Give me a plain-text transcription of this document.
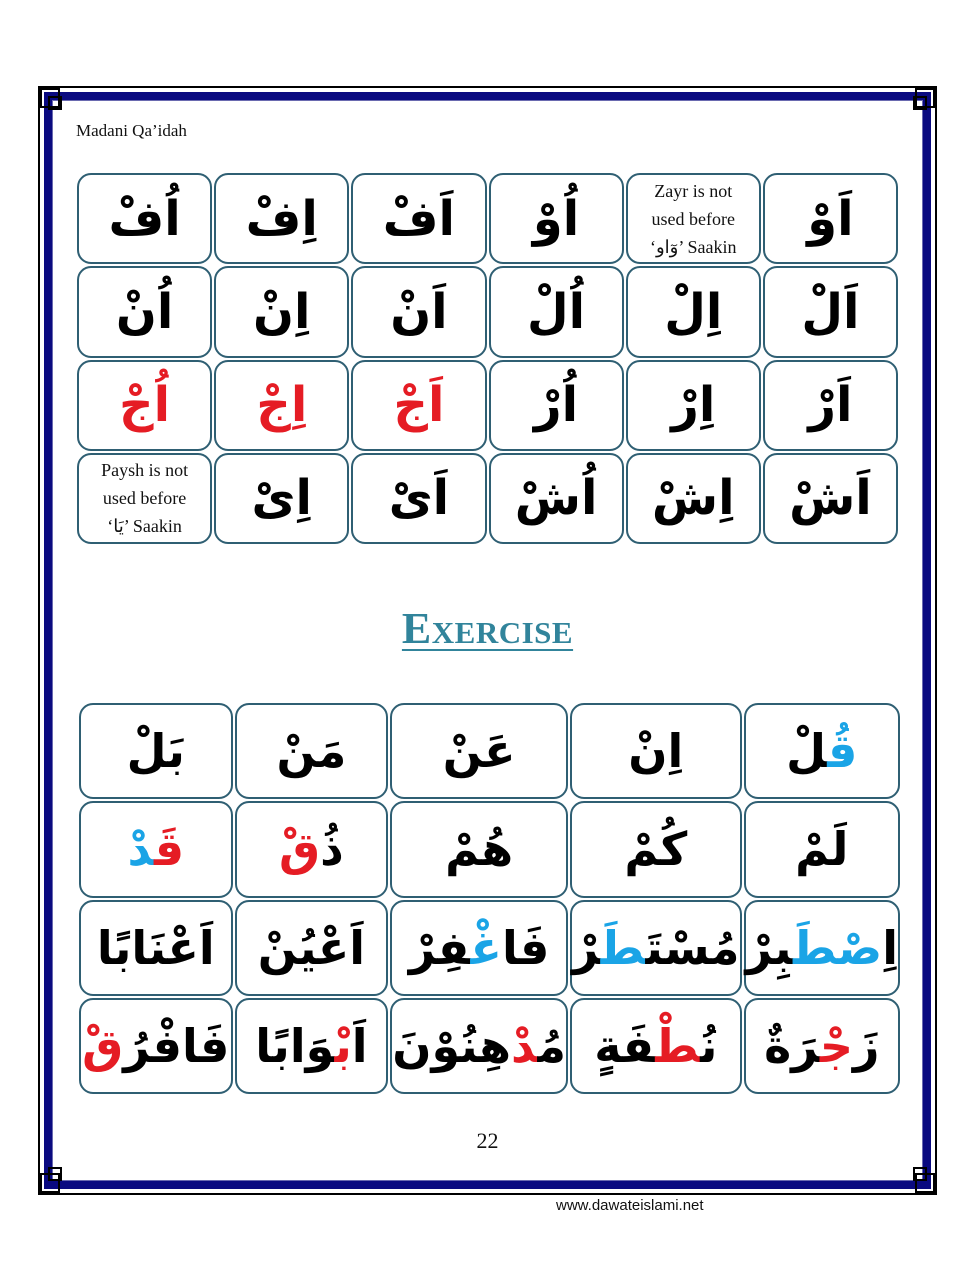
Madani Qa’idah
اَوْ
Zayr is not
used before
‘وٓاو’ Saakin
اُوْ
اَفْ
اِفْ
اُفْ
اَلْ
اِلْ
اُلْ
اَنْ
اِنْ
اُنْ
اَرْ
اِرْ
اُرْ
اَجْ
اِجْ
اُجْ
اَشْ
اِشْ
اُشْ
اَیْ
اِیْ
Paysh is not
used before
‘یَا’ Saakin
Exercise
قُلْ
اِنْ
عَنْ
مَنْ
بَلْ
لَمْ
كُمْ
هُمْ
ذُقْ
قَدْ
اِصْطَبِرْ
مُسْتَطَرْ
فَاغْفِرْ
اَعْيُنْ
اَعْنَابًا
زَجْرَةٌ
نُطْفَةٍ
مُدْهِنُوْنَ
اَبْوَابًا
فَافْرُقْ
22
www.dawateislami.net
